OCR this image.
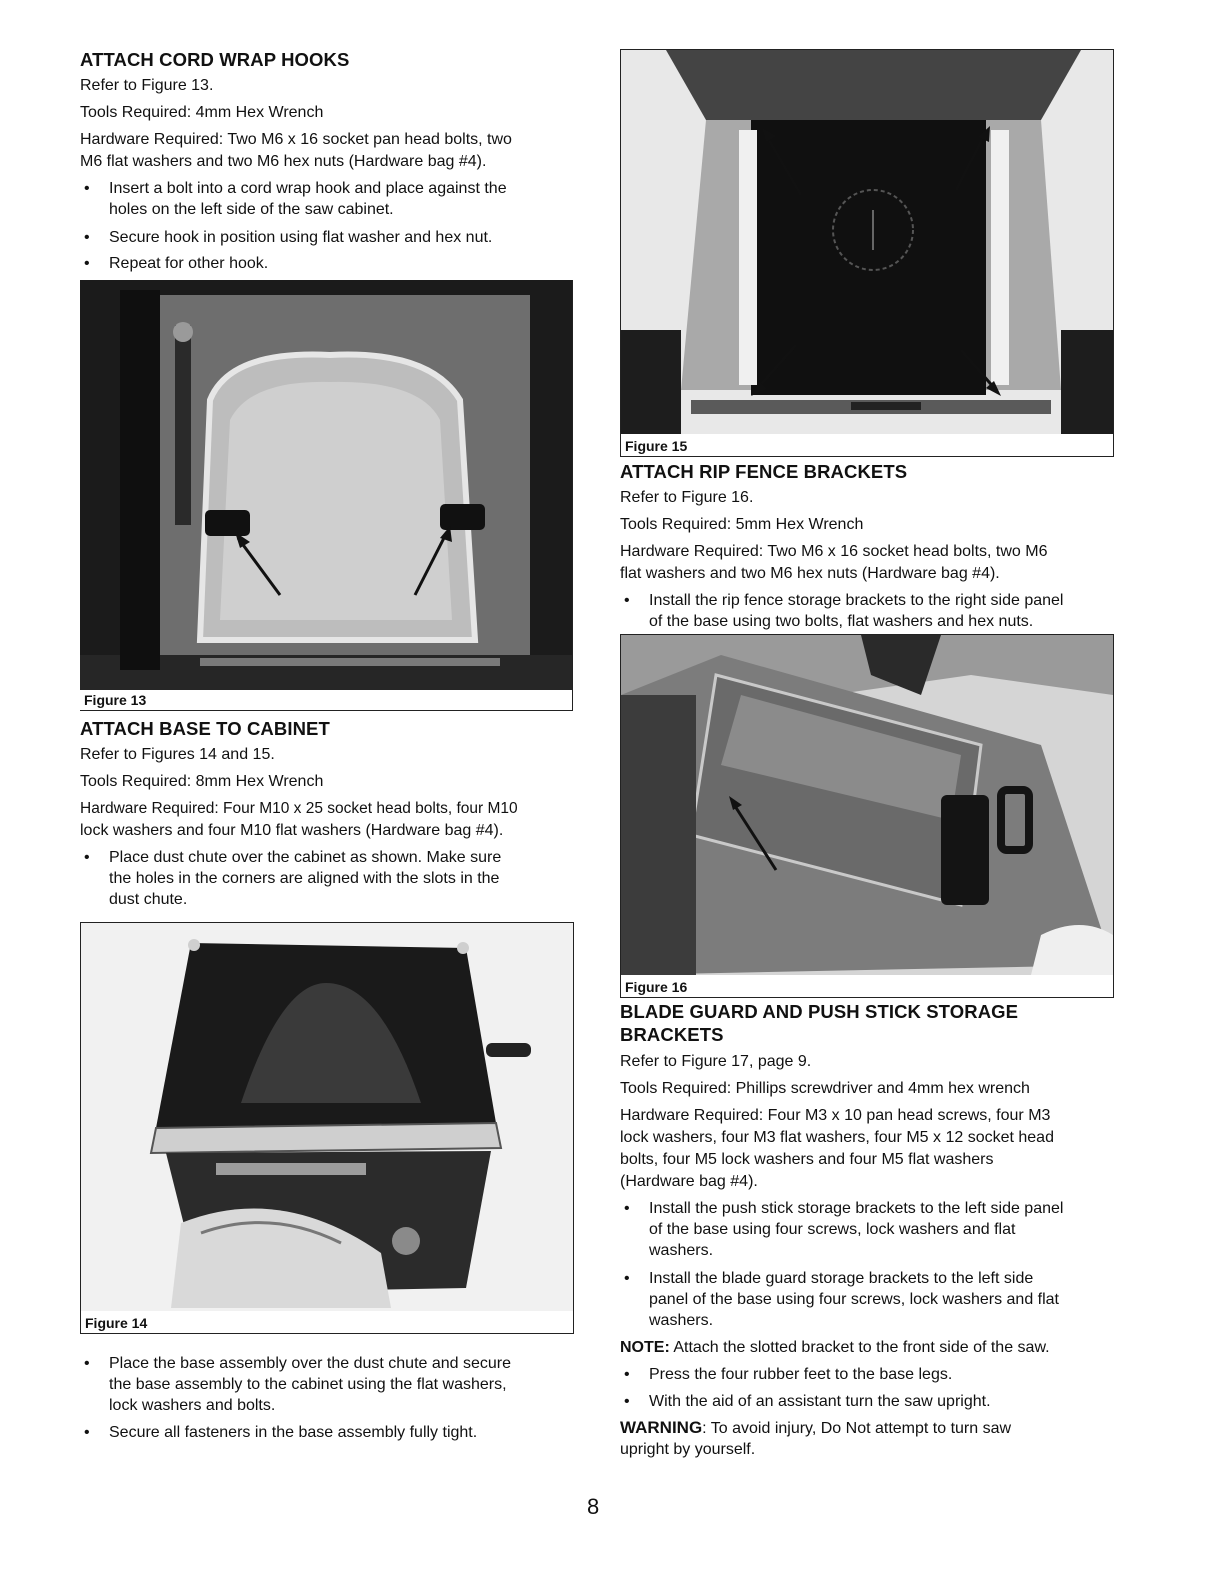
ATTACH CORD WRAP HOOKS

Refer to Figure 13.

Tools Required: 4mm Hex Wrench

Hardware Required: Two M6 x 16 socket pan head bolts, two

M6 flat washers and two M6 hex nuts (Hardware bag #4).

• Insert a bolt into a cord wrap hook and place against the
holes on the left side of the saw cabinet.
• Secure hook in position using flat washer and hex nut.
• Repeat for other hook.
Figure 13
ATTACH BASE TO CABINET

Refer to Figures 14 and 15.

Tools Required: 8mm Hex Wrench

Hardware Required: Four M10 x 25 socket head bolts, four M10

lock washers and four M10 flat washers (Hardware bag #4).

• Place dust chute over the cabinet as shown. Make sure
the holes in the corners are aligned with the slots in the
dust chute.
Figure 14
• Place the base assembly over the dust chute and secure
the base assembly to the cabinet using the flat washers,
lock washers and bolts.
• Secure all fasteners in the base assembly fully tight.
Figure 15
ATTACH RIP FENCE BRACKETS

Refer to Figure 16.

Tools Required: 5mm Hex Wrench

Hardware Required: Two M6 x 16 socket head bolts, two M6

flat washers and two M6 hex nuts (Hardware bag #4).

• Install the rip fence storage brackets to the right side panel
of the base using two bolts, flat washers and hex nuts.
Figure 16
BLADE GUARD AND PUSH STICK STORAGE
BRACKETS

Refer to Figure 17, page 9.

Tools Required: Phillips screwdriver and 4mm hex wrench

Hardware Required: Four M3 x 10 pan head screws, four M3

lock washers, four M3 flat washers, four M5 x 12 socket head

bolts, four M5 lock washers and four M5 flat washers

(Hardware bag #4).

• Install the push stick storage brackets to the left side panel
of the base using four screws, lock washers and flat
washers.
• Install the blade guard storage brackets to the left side
panel of the base using four screws, lock washers and flat
washers.

NOTE: Attach the slotted bracket to the front side of the saw.

• Press the four rubber feet to the base legs.
• With the aid of an assistant turn the saw upright.

WARNING: To avoid injury, Do Not attempt to turn saw

upright by yourself.

8
